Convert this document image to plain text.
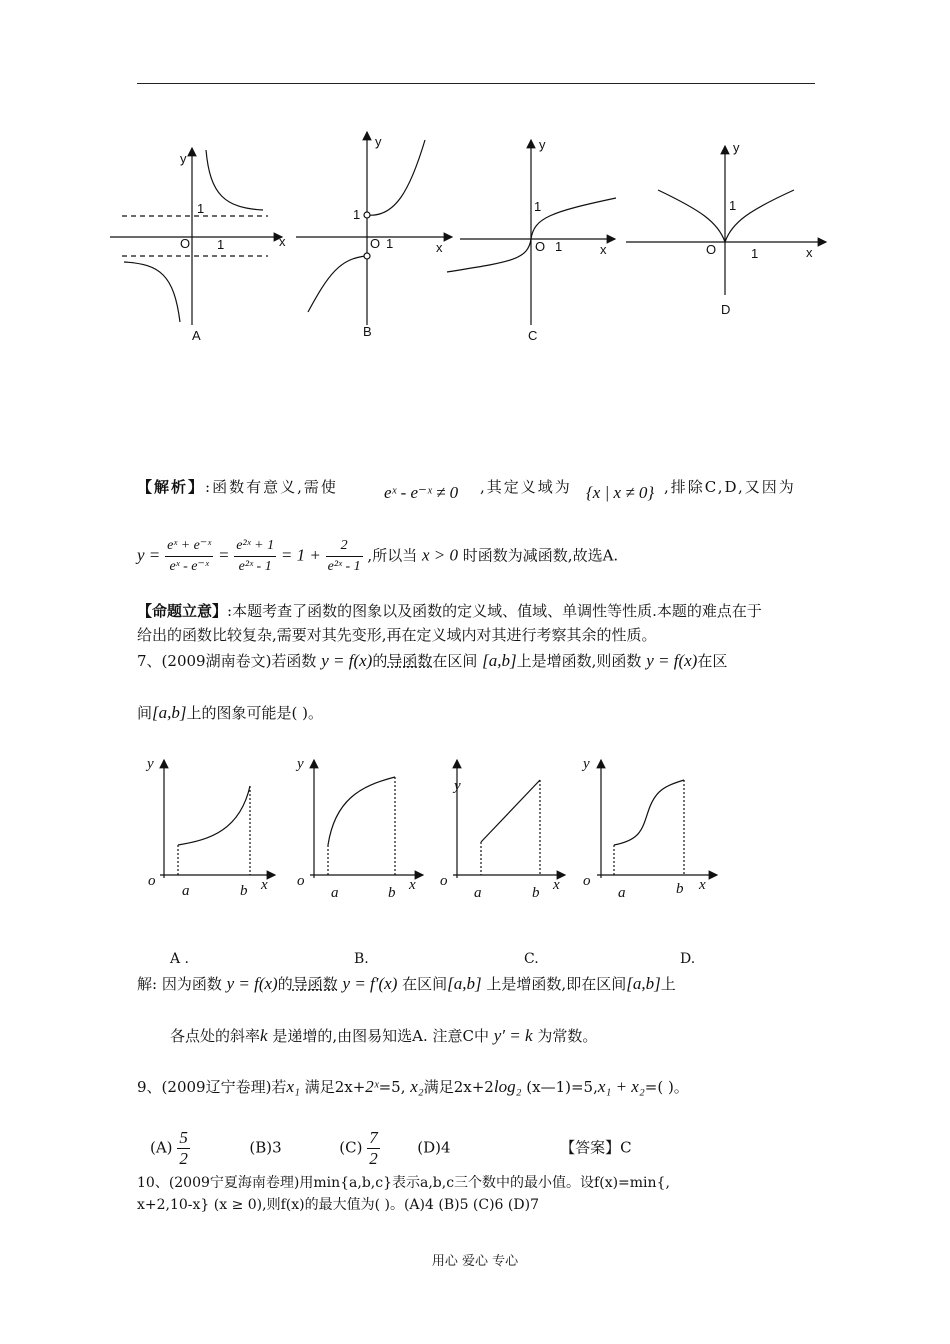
y
x
O
1
1
A
y
x
O
1
1
B
y
x
O
1
1
C
y
x
O
1
1
D
【解析】:函数有意义,需使	eˣ - e⁻ˣ ≠ 0 ,其定义域为 {x | x ≠ 0} ,排除C,D,又因为
$y = \frac{\text{eˣ + e⁻ˣ}}{\text{eˣ - e⁻ˣ}} = \frac{\text{e²ˣ + 1}}{\text{e²ˣ - 1}} = 1 + \frac{2}{\text{e²ˣ - 1}}$ ,所以当 x > 0 时函数为减函数,故选A.
【命题立意】:本题考查了函数的图象以及函数的定义域、值域、单调性等性质.本题的难点在于
给出的函数比较复杂,需要对其先变形,再在定义域内对其进行考察其余的性质。
7、(2009湖南卷文)若函数 y = f(x)的导函数在区间 [a,b]上是增函数,则函数 y = f(x)在区
间[a,b]上的图象可能是( )。
y
o
a	b x
y
o
a	b x
y
o
a	b x
y
o
a	b x
A .	B.	C.	D.
解: 因为函数 y = f(x)的导函数 y = f′(x) 在区间[a,b] 上是增函数,即在区间[a,b]上
各点处的斜率k 是递增的,由图易知选A. 注意C中 y′ = k 为常数。
9、(2009辽宁卷理)若x₁ 满足2x+2ˣ=5, x₂满足2x+2log₂ (x—1)=5,x₁ + x₂=( )。
$(A) \frac{5}{2}$	(B)3	$(C) \frac{7}{2}$	(D)4	【答案】C
10、(2009宁夏海南卷理)用min{a,b,c}表示a,b,c三个数中的最小值。设f(x)=min{,
x+2,10-x} (x ≥ 0),则f(x)的最大值为( )。(A)4 (B)5 (C)6 (D)7
用心 爱心 专心
